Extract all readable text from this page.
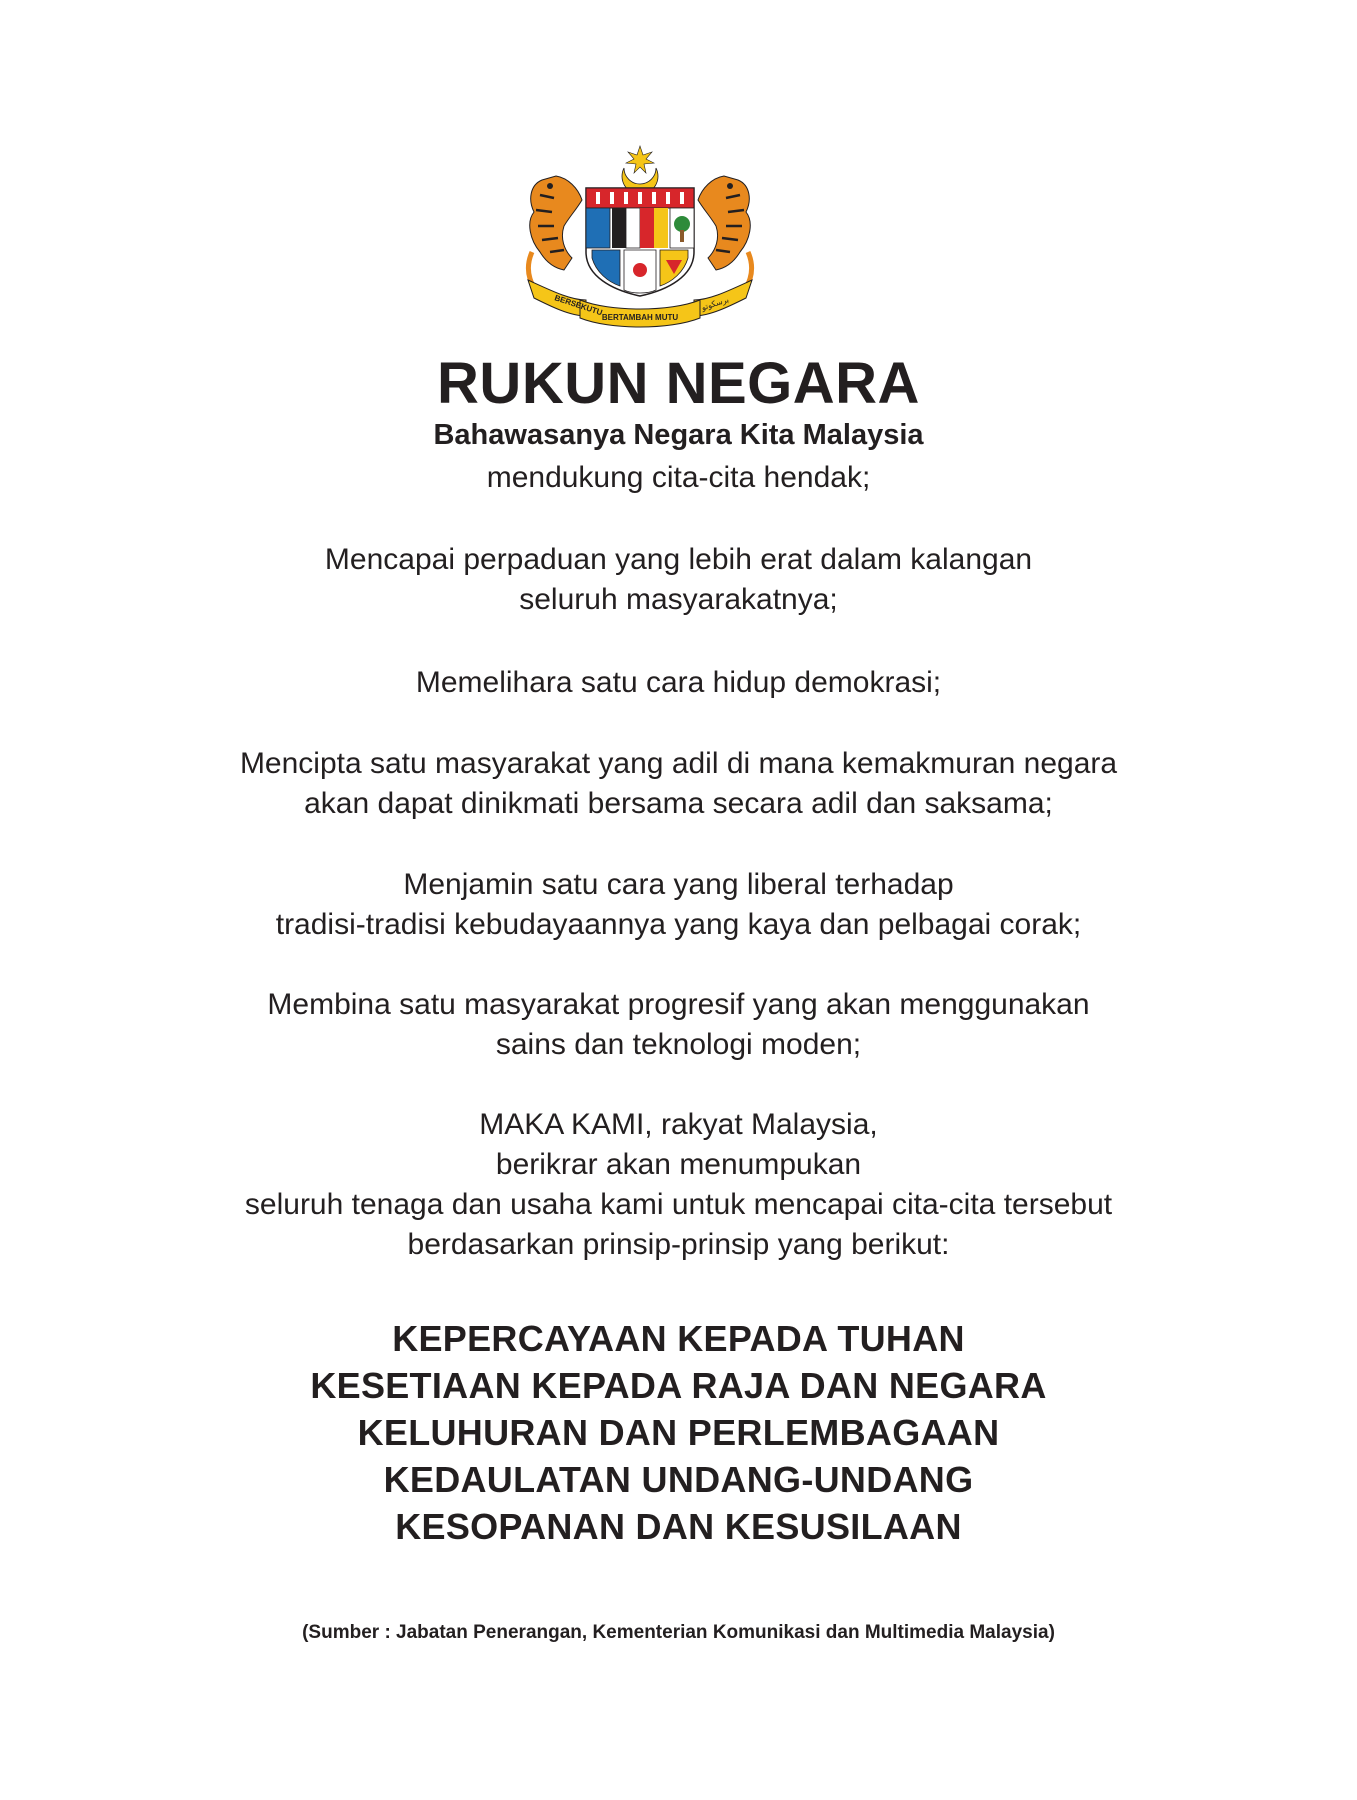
BERSEKUTU
BERTAMBAH MUTU
برسکوتو
RUKUN NEGARA

Bahawasanya Negara Kita Malaysia

mendukung cita-cita hendak;

Mencapai perpaduan yang lebih erat dalam kalangan
seluruh masyarakatnya;

Memelihara satu cara hidup demokrasi;

Mencipta satu masyarakat yang adil di mana kemakmuran negara
akan dapat dinikmati bersama secara adil dan saksama;

Menjamin satu cara yang liberal terhadap
tradisi-tradisi kebudayaannya yang kaya dan pelbagai corak;

Membina satu masyarakat progresif yang akan menggunakan
sains dan teknologi moden;

MAKA KAMI, rakyat Malaysia,
berikrar akan menumpukan
seluruh tenaga dan usaha kami untuk mencapai cita-cita tersebut
berdasarkan prinsip-prinsip yang berikut:

KEPERCAYAAN KEPADA TUHAN
KESETIAAN KEPADA RAJA DAN NEGARA
KELUHURAN DAN PERLEMBAGAAN
KEDAULATAN UNDANG-UNDANG
KESOPANAN DAN KESUSILAAN

(Sumber : Jabatan Penerangan, Kementerian Komunikasi dan Multimedia Malaysia)
